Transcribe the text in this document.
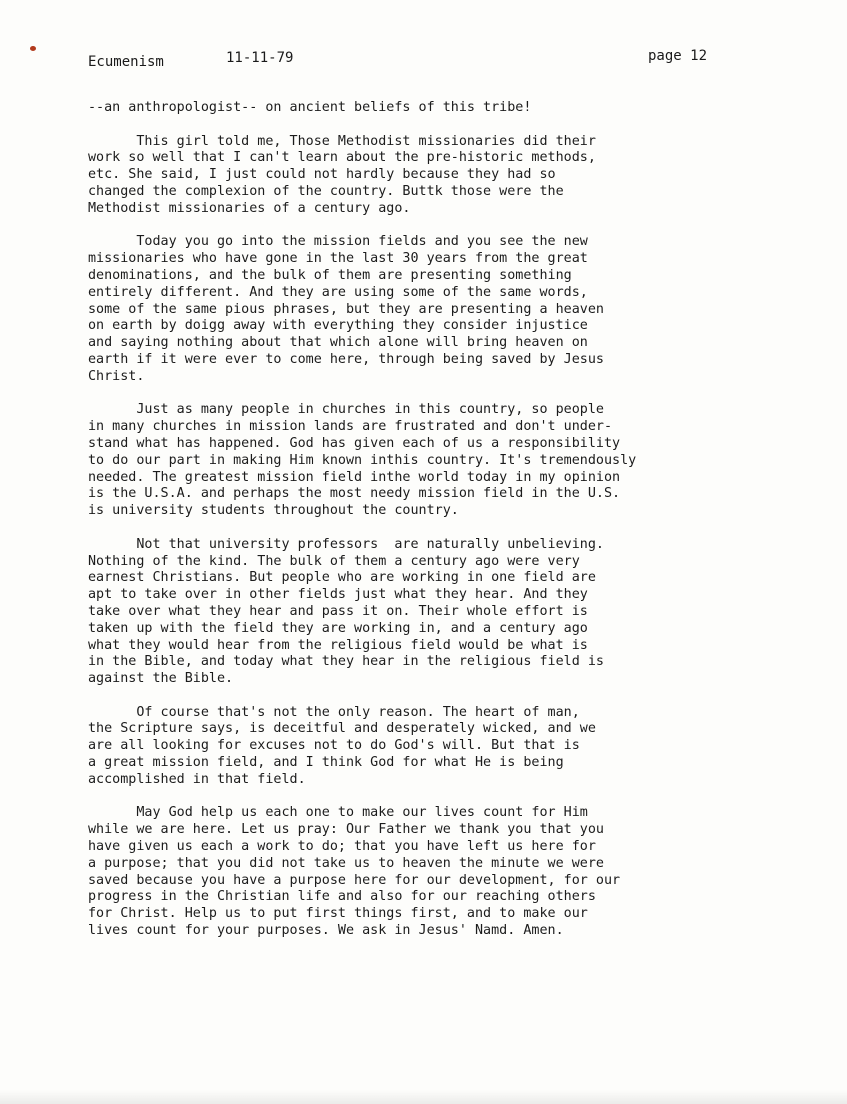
Ecumenism	11-11-79	page 12
--an anthropologist-- on ancient beliefs of this tribe!
This girl told me, Those Methodist missionaries did their
work so well that I can't learn about the pre-historic methods,
etc. She said, I just could not hardly because they had so
changed the complexion of the country. Buttk those were the
Methodist missionaries of a century ago.
Today you go into the mission fields and you see the new
missionaries who have gone in the last 30 years from the great
denominations, and the bulk of them are presenting something
entirely different. And they are using some of the same words,
some of the same pious phrases, but they are presenting a heaven
on earth by doigg away with everything they consider injustice
and saying nothing about that which alone will bring heaven on
earth if it were ever to come here, through being saved by Jesus
Christ.
Just as many people in churches in this country, so people
in many churches in mission lands are frustrated and don't under-
stand what has happened. God has given each of us a responsibility
to do our part in making Him known inthis country. It's tremendously
needed. The greatest mission field inthe world today in my opinion
is the U.S.A. and perhaps the most needy mission field in the U.S.
is university students throughout the country.
Not that university professors  are naturally unbelieving.
Nothing of the kind. The bulk of them a century ago were very
earnest Christians. But people who are working in one field are
apt to take over in other fields just what they hear. And they
take over what they hear and pass it on. Their whole effort is
taken up with the field they are working in, and a century ago
what they would hear from the religious field would be what is
in the Bible, and today what they hear in the religious field is
against the Bible.
Of course that's not the only reason. The heart of man,
the Scripture says, is deceitful and desperately wicked, and we
are all looking for excuses not to do God's will. But that is
a great mission field, and I think God for what He is being
accomplished in that field.
May God help us each one to make our lives count for Him
while we are here. Let us pray: Our Father we thank you that you
have given us each a work to do; that you have left us here for
a purpose; that you did not take us to heaven the minute we were
saved because you have a purpose here for our development, for our
progress in the Christian life and also for our reaching others
for Christ. Help us to put first things first, and to make our
lives count for your purposes. We ask in Jesus' Namd. Amen.
